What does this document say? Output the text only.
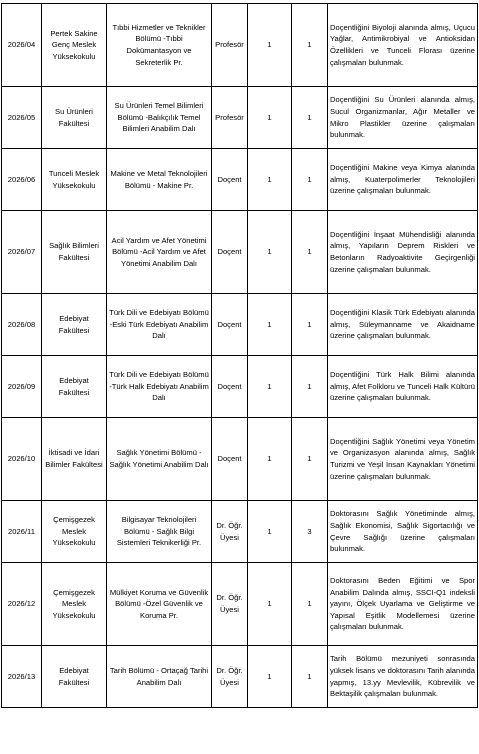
2026/04	Pertek Sakine Genç Meslek Yüksekokulu	Tıbbi Hizmetler ve Teknikler Bölümü -Tıbbi Dokümantasyon ve Sekreterlik Pr.	Profesör	1	1	Doçentliğini Biyoloji alanında almış, Uçucu Yağlar, Antimikrobiyal ve Antioksidan Özellikleri ve Tunceli Florası üzerine çalışmaları bulunmak.

2026/05	Su Ürünleri Fakültesi	Su Ürünleri Temel Bilimleri Bölümü -Balıkçılık Temel Bilimleri Anabilim Dalı	Profesör	1	1	Doçentliğini Su Ürünleri alanında almış, Sucul Organizmanlar, Ağır Metaller ve Mikro Plastikler üzerine çalışmaları bulunmak.

2026/06	Tunceli Meslek Yüksekokulu	Makine ve Metal Teknolojileri Bölümü - Makine Pr.	Doçent	1	1	Doçentliğini Makine veya Kimya alanında almış, Kuaterpolimerler Teknolojileri üzerine çalışmaları bulunmak.

2026/07	Sağlık Bilimleri Fakültesi	Acil Yardım ve Afet Yönetimi Bölümü -Acil Yardım ve Afet Yönetimi Anabilim Dalı	Doçent	1	1	Doçentliğini İnşaat Mühendisliği alanında almış, Yapıların Deprem Riskleri ve Betonların Radyoaktivite Geçirgenliği üzerine çalışmaları bulunmak.

2026/08	Edebiyat Fakültesi	Türk Dili ve Edebiyatı Bölümü -Eski Türk Edebiyatı Anabilim Dalı	Doçent	1	1	Doçentliğini Klasik Türk Edebiyatı alanında almış, Süleymanname ve Akaidname üzerine çalışmaları bulunmak.

2026/09	Edebiyat Fakültesi	Türk Dili ve Edebiyatı Bölümü -Türk Halk Edebiyatı Anabilim Dalı	Doçent	1	1	Doçentliğini Türk Halk Bilimi alanında almış, Afet Folkloru ve Tunceli Halk Kültürü üzerine çalışmaları bulunmak.

2026/10	İktisadi ve İdari Bilimler Fakültesi	Sağlık Yönetimi Bölümü -Sağlık Yönetimi Anabilim Dalı	Doçent	1	1	Doçentliğini Sağlık Yönetimi veya Yönetim ve Organizasyon alanında almış, Sağlık Turizmi ve Yeşil İnsan Kaynakları Yönetimi üzerine çalışmaları bulunmak.

2026/11	Çemişgezek Meslek Yüksekokulu	Bilgisayar Teknolojileri Bölümü - Sağlık Bilgi Sistemleri Teknikerliği Pr.	Dr. Öğr. Üyesi	1	3	Doktorasını Sağlık Yönetiminde almış, Sağlık Ekonomisi, Sağlık Sigortacılığı ve Çevre Sağlığı üzerine çalışmaları bulunmak.

2026/12	Çemişgezek Meslek Yüksekokulu	Mülkiyet Koruma ve Güvenlik Bölümü -Özel Güvenlik ve Koruma Pr.	Dr. Öğr. Üyesi	1	1	Doktorasını Beden Eğitimi ve Spor Anabilim Dalında almış, SSCI-Q1 indeksli yayını, Ölçek Uyarlama ve Geliştirme ve Yapısal Eşitlik Modellemesi üzerine çalışmaları bulunmak.

2026/13	Edebiyat Fakültesi	Tarih Bölümü - Ortaçağ Tarihi Anabilim Dalı	Dr. Öğr. Üyesi	1	1	Tarih Bölümü mezuniyeti sonrasında yüksek lisans ve doktorasını Tarih alanında yapmış, 13.yy Mevlevilik, Kübrevilik ve Bektaşilik çalışmaları bulunmak.
